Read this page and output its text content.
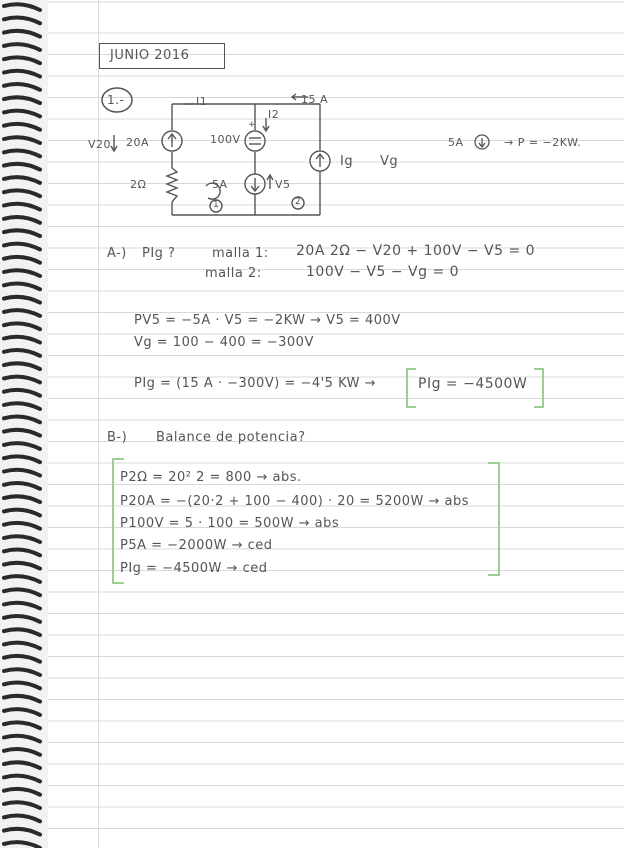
JUNIO 2016
1.-	I1
I2
15 A
V20 20A	100V
+
5A	V5
2Ω
1	2
Ig Vg
5A	→ P = −2KW.
A-) PIg ?	malla 1: 20A 2Ω − V20 + 100V − V5 = 0
malla 2:	100V − V5 − Vg = 0
PV5 = −5A · V5 = −2KW → V5 = 400V
Vg = 100 − 400 = −300V
PIg = (15 A · −300V) = −4'5 KW →	PIg = −4500W
B-) Balance de potencia?
P2Ω = 20² 2 = 800 → abs.
P20A = −(20·2 + 100 − 400) · 20 = 5200W → abs
P100V = 5 · 100 = 500W → abs
P5A = −2000W → ced
PIg = −4500W → ced
